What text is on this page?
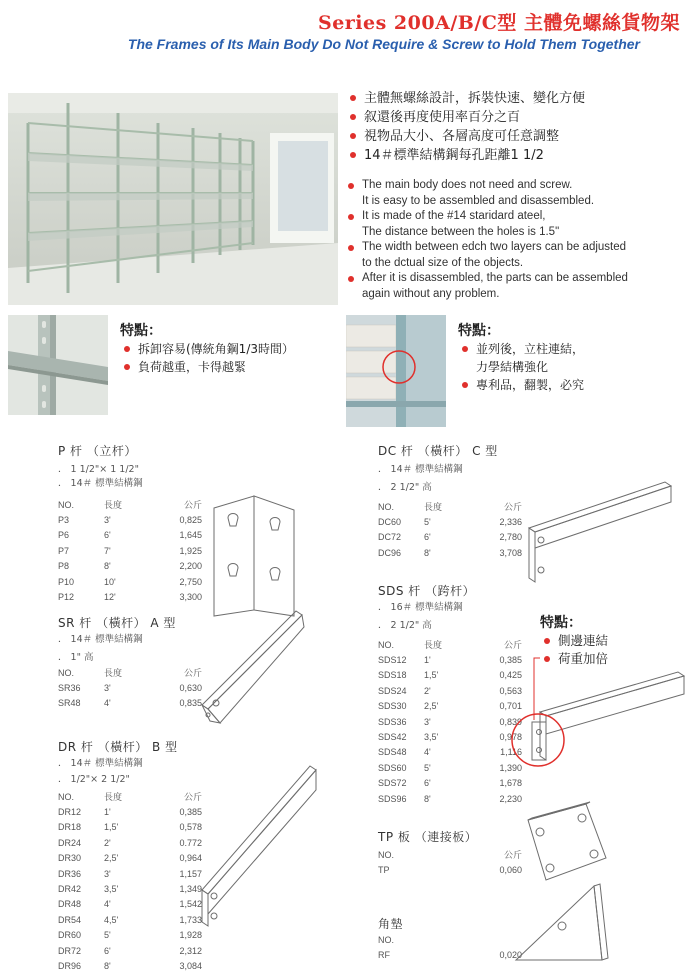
Series 200A/B/C型 主體免螺絲貨物架
The Frames of Its Main Body Do Not Require & Screw to Hold Them Together
主體無螺絲設計，拆裝快速、變化方便
叙還後再度使用率百分之百
視物品大小、各層高度可任意調整
14＃標準結構鋼每孔距離1 1/2
The main body does not need and screw.
It is easy to be assembled and disassembled.
It is made of the #14 staridard ateel,
The distance between the holes is 1.5"
The width between edch two layers can be adjusted
to the dctual size of the objects.
After it is disassembled, the parts can be assembled
again without any problem.
特點：
拆卸容易(傳統角鋼1/3時間）
負荷越重，卡得越緊
特點：
並列後，立柱連結，
力學結構強化
專利品，翻製，必究
P 杆 （立杆）
． 1 1/2"× 1 1/2"
． 14＃ 標準結構鋼
NO.	長度	公斤
P3	3'	0,825
P6	6'	1,645
P7	7'	1,925
P8	8'	2,200
P10	10'	2,750
P12	12'	3,300
DC 杆 （橫杆） C 型
． 14＃ 標準結構鋼
． 2 1/2" 高
NO.	長度	公斤
DC60	5'	2,336
DC72	6'	2,780
DC96	8'	3,708
SR 杆 （橫杆） A 型
． 14＃ 標準結構鋼
． 1" 高
NO.	長度	公斤
SR36	3'	0,630
SR48	4'	0,835
SDS 杆 （跨杆）
． 16＃ 標準結構鋼
． 2 1/2" 高
NO.	長度	公斤
SDS12	1'	0,385
SDS18	1,5'	0,425
SDS24	2'	0,563
SDS30	2,5'	0,701
SDS36	3'	0,839
SDS42	3,5'	0,978
SDS48	4'	1,116
SDS60	5'	1,390
SDS72	6'	1,678
SDS96	8'	2,230
特點：
側邊連結
荷重加倍
DR 杆 （橫杆） B 型
． 14＃ 標準結構鋼
． 1/2"× 2 1/2"
NO.	長度	公斤
DR12	1'	0,385
DR18	1,5'	0,578
DR24	2'	0.772
DR30	2,5'	0,964
DR36	3'	1,157
DR42	3,5'	1,349
DR48	4'	1,542
DR54	4,5'	1,733
DR60	5'	1,928
DR72	6'	2,312
DR96	8'	3,084
TP 板 （連接板）
NO.		公斤
TP		0,060
角墊
NO.		
RF		0,020
